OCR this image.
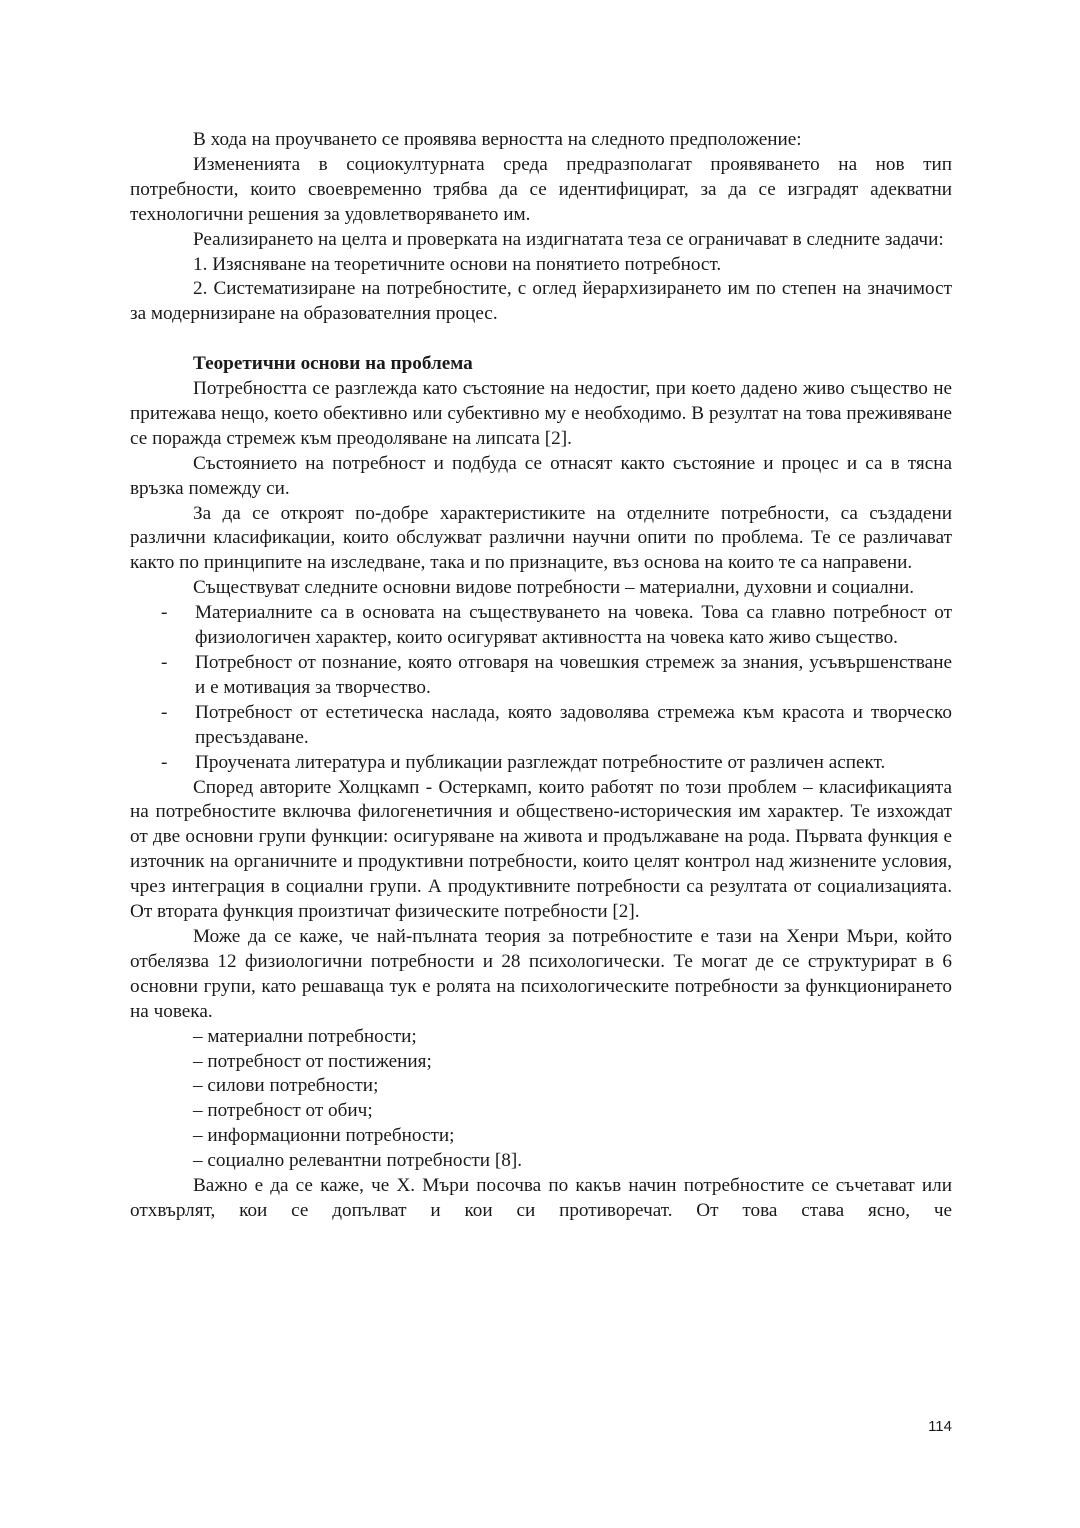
В хода на проучването се проявява верността на следното предположение:

Измененията в социокултурната среда предразполагат проявяването на нов тип потребности, които своевременно трябва да се идентифицират, за да се изградят адекватни технологични решения за удовлетворяването им.

Реализирането на целта и проверката на издигнатата теза се ограничават в следните задачи:

1. Изясняване на теоретичните основи на понятието потребност.

2. Систематизиране на потребностите, с оглед йерархизирането им по степен на значимост за модернизиране на образователния процес.

Теоретични основи на проблема

Потребността се разглежда като състояние на недостиг, при което дадено живо същество не притежава нещо, което обективно или субективно му е необходимо. В резултат на това преживяване се поражда стремеж към преодоляване на липсата [2].

Състоянието на потребност и подбуда се отнасят както състояние и процес и са в тясна връзка помежду си.

За да се откроят по-добре характеристиките на отделните потребности, са създадени различни класификации, които обслужват различни научни опити по проблема. Те се различават както по принципите на изследване, така и по признаците, въз основа на които те са направени.

Съществуват следните основни видове потребности – материални, духовни и социални.

-	Материалните са в основата на съществуването на човека. Това са главно потребност от физиологичен характер, които осигуряват активността на човека като живо същество.
-	Потребност от познание, която отговаря на човешкия стремеж за знания, усъвършенстване и е мотивация за творчество.
-	Потребност от естетическа наслада, която задоволява стремежа към красота и творческо пресъздаване.
-	Проучената литература и публикации разглеждат потребностите от различен аспект.

Според авторите Холцкамп - Остеркамп, които работят по този проблем – класификацията на потребностите включва филогенетичния и обществено-историческия им характер. Те изхождат от две основни групи функции: осигуряване на живота и продължаване на рода. Първата функция е източник на органичните и продуктивни потребности, които целят контрол над жизнените условия, чрез интеграция в социални групи. А продуктивните потребности са резултата от социализацията. От втората функция произтичат физическите потребности [2].

Може да се каже, че най-пълната теория за потребностите е тази на Хенри Мъри, който отбелязва 12 физиологични потребности и 28 психологически. Те могат де се структурират в 6 основни групи, като решаваща тук е ролята на психологическите потребности за функционирането на човека.

– материални потребности;

– потребност от постижения;

– силови потребности;

– потребност от обич;

– информационни потребности;

– социално релевантни потребности [8].

Важно е да се каже, че Х. Мъри посочва по какъв начин потребностите се съчетават или отхвърлят, кои се допълват и кои си противоречат. От това става ясно, че

114
